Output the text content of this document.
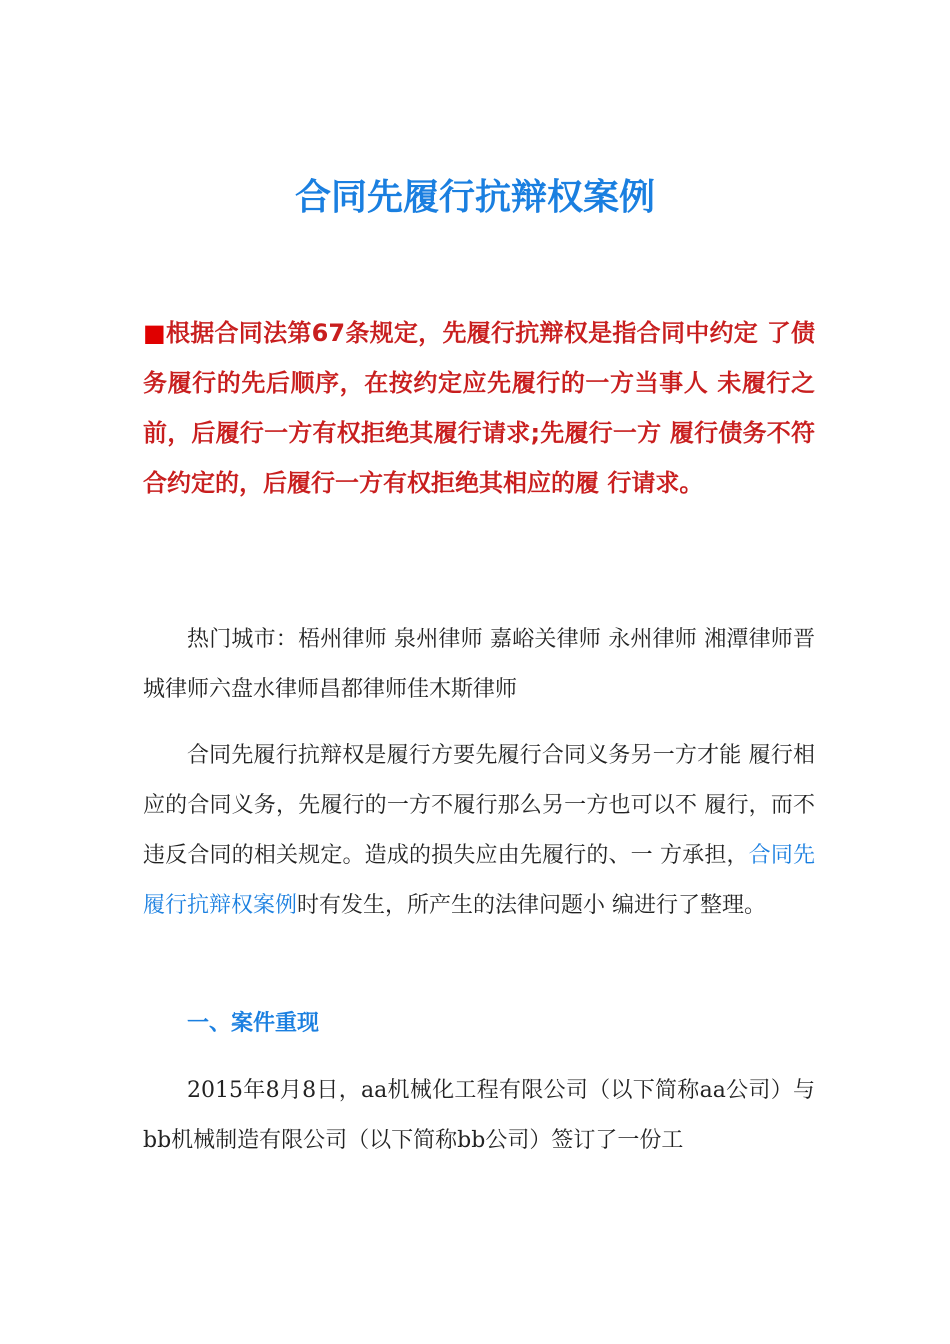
合同先履行抗辩权案例

■根据合同法第67条规定，先履行抗辩权是指合同中约定 了债务履行的先后顺序，在按约定应先履行的一方当事人 未履行之前，后履行一方有权拒绝其履行请求;先履行一方 履行债务不符合约定的，后履行一方有权拒绝其相应的履 行请求。

热门城市：梧州律师 泉州律师 嘉峪关律师 永州律师 湘潭律师晋城律师六盘水律师昌都律师佳木斯律师

合同先履行抗辩权是履行方要先履行合同义务另一方才能 履行相应的合同义务，先履行的一方不履行那么另一方也可以不 履行，而不违反合同的相关规定。造成的损失应由先履行的、一 方承担，合同先履行抗辩权案例时有发生，所产生的法律问题小 编进行了整理。

一、案件重现

2015年8月8日，aa机械化工程有限公司（以下简称aa公司）与bb机械制造有限公司（以下简称bb公司）签订了一份工
